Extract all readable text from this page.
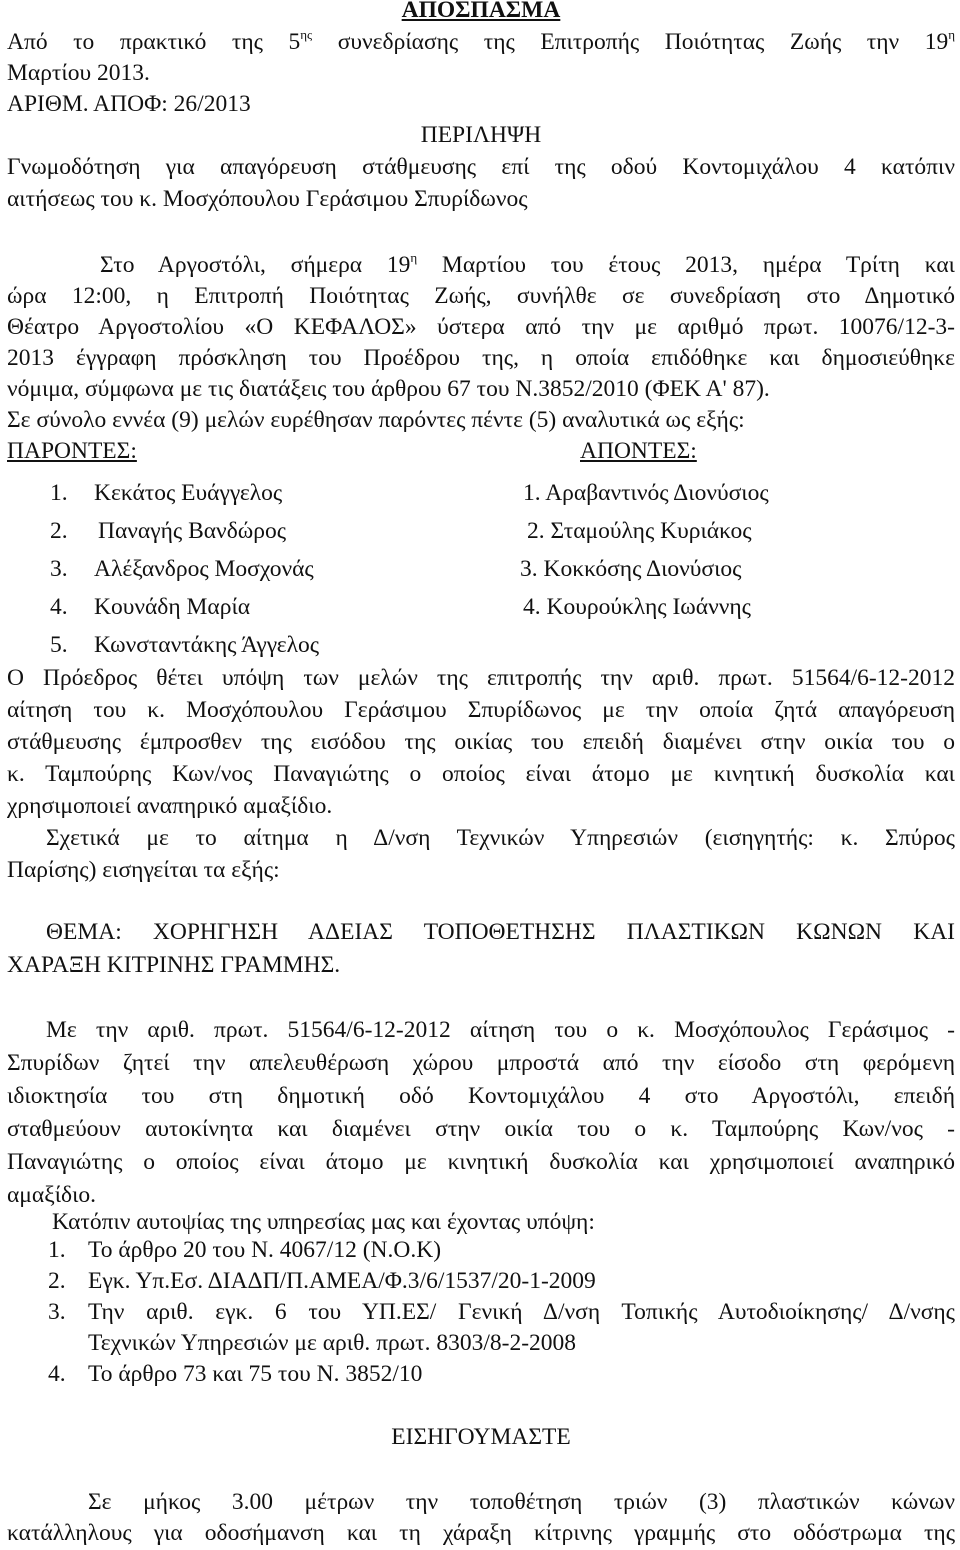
ΑΠΟΣΠΑΣΜΑ
Από το πρακτικό της $5^{\eta\varsigma}$ συνεδρίασης της Επιτροπής Ποιότητας Ζωής την $19^\eta$
Μαρτίου 2013.
ΑΡΙΘΜ. ΑΠΟΦ: 26/2013
ΠΕΡΙΛΗΨΗ
Γνωμοδότηση για απαγόρευση στάθμευσης επί της οδού Κοντομιχάλου 4 κατόπιν
αιτήσεως του κ. Μοσχόπουλου Γεράσιμου Σπυρίδωνος
Στο Αργοστόλι, σήμερα $19^\eta$ Μαρτίου του έτους 2013, ημέρα Τρίτη και
ώρα 12:00, η Επιτροπή Ποιότητας Ζωής, συνήλθε σε συνεδρίαση στο Δημοτικό
Θέατρο Αργοστολίου «Ο ΚΕΦΑΛΟΣ» ύστερα από την με αριθμό πρωτ. 10076/12-3-
2013 έγγραφη πρόσκληση του Προέδρου της, η οποία επιδόθηκε και δημοσιεύθηκε
νόμιμα, σύμφωνα με τις διατάξεις του άρθρου 67 του Ν.3852/2010 (ΦΕΚ Α' 87).
Σε σύνολο εννέα (9) μελών ευρέθησαν παρόντες πέντε (5) αναλυτικά ως εξής:
ΠΑΡΟΝΤΕΣ:	ΑΠΟΝΤΕΣ:
1. Κεκάτος Ευάγγελος	1. Αραβαντινός Διονύσιος
2. Παναγής Βανδώρος	2. Σταμούλης Κυριάκος
3. Αλέξανδρος Μοσχονάς	3. Κοκκόσης Διονύσιος
4. Κουνάδη Μαρία	4. Κουρούκλης Ιωάννης
5. Κωνσταντάκης Άγγελος
Ο Πρόεδρος θέτει υπόψη των μελών της επιτροπής την αριθ. πρωτ. 51564/6-12-2012
αίτηση του κ. Μοσχόπουλου Γεράσιμου Σπυρίδωνος με την οποία ζητά απαγόρευση
στάθμευσης έμπροσθεν της εισόδου της οικίας του επειδή διαμένει στην οικία του ο
κ. Ταμπούρης Κων/νος Παναγιώτης ο οποίος είναι άτομο με κινητική δυσκολία και
χρησιμοποιεί αναπηρικό αμαξίδιο.
Σχετικά με το αίτημα η Δ/νση Τεχνικών Υπηρεσιών (εισηγητής: κ. Σπύρος
Παρίσης) εισηγείται τα εξής:
ΘΕΜΑ: ΧΟΡΗΓΗΣΗ ΑΔΕΙΑΣ ΤΟΠΟΘΕΤΗΣΗΣ ΠΛΑΣΤΙΚΩΝ ΚΩΝΩΝ ΚΑΙ
ΧΑΡΑΞΗ ΚΙΤΡΙΝΗΣ ΓΡΑΜΜΗΣ.
Με την αριθ. πρωτ. 51564/6-12-2012 αίτηση του ο κ. Μοσχόπουλος Γεράσιμος -
Σπυρίδων ζητεί την απελευθέρωση χώρου μπροστά από την είσοδο στη φερόμενη
ιδιοκτησία του στη δημοτική οδό Κοντομιχάλου 4 στο Αργοστόλι, επειδή
σταθμεύουν αυτοκίνητα και διαμένει στην οικία του ο κ. Ταμπούρης Κων/νος -
Παναγιώτης ο οποίος είναι άτομο με κινητική δυσκολία και χρησιμοποιεί αναπηρικό
αμαξίδιο.
Κατόπιν αυτοψίας της υπηρεσίας μας και έχοντας υπόψη:
1. Το άρθρο 20 του Ν. 4067/12 (Ν.Ο.Κ)
2. Εγκ. Υπ.Εσ. ΔΙΑΔΠ/Π.ΑΜΕΑ/Φ.3/6/1537/20-1-2009
3. Την αριθ. εγκ. 6 του ΥΠ.ΕΣ/ Γενική Δ/νση Τοπικής Αυτοδιοίκησης/ Δ/νσης
Τεχνικών Υπηρεσιών με αριθ. πρωτ. 8303/8-2-2008
4. Το άρθρο 73 και 75 του Ν. 3852/10
ΕΙΣΗΓΟΥΜΑΣΤΕ
Σε μήκος 3.00 μέτρων την τοποθέτηση τριών (3) πλαστικών κώνων
κατάλληλους για οδοσήμανση και τη χάραξη κίτρινης γραμμής στο οδόστρωμα της
